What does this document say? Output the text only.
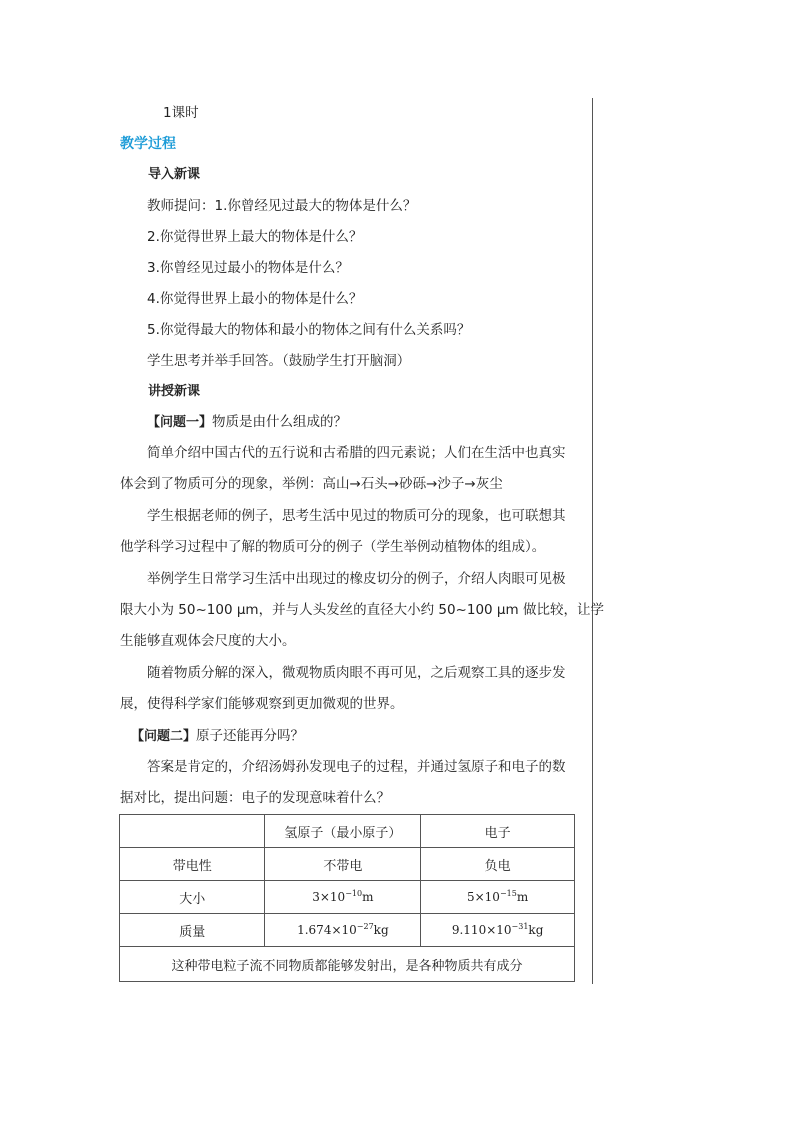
1课时
教学过程
导入新课
教师提问：1.你曾经见过最大的物体是什么？
2.你觉得世界上最大的物体是什么？
3.你曾经见过最小的物体是什么？
4.你觉得世界上最小的物体是什么？
5.你觉得最大的物体和最小的物体之间有什么关系吗？
学生思考并举手回答。（鼓励学生打开脑洞）
讲授新课
【问题一】物质是由什么组成的？
简单介绍中国古代的五行说和古希腊的四元素说；人们在生活中也真实
体会到了物质可分的现象，举例：高山→石头→砂砾→沙子→灰尘
学生根据老师的例子，思考生活中见过的物质可分的现象，也可联想其
他学科学习过程中了解的物质可分的例子（学生举例动植物体的组成）。
举例学生日常学习生活中出现过的橡皮切分的例子，介绍人肉眼可见极
限大小为 50~100 μm，并与人头发丝的直径大小约 50~100 μm 做比较，让学
生能够直观体会尺度的大小。
随着物质分解的深入，微观物质肉眼不再可见，之后观察工具的逐步发
展，使得科学家们能够观察到更加微观的世界。
【问题二】原子还能再分吗？
答案是肯定的，介绍汤姆孙发现电子的过程，并通过氢原子和电子的数
据对比，提出问题：电子的发现意味着什么？
	氢原子（最小原子）	电子
带电性	不带电	负电
大小	$3\times 10^{-10}m$	$5\times 10^{-15}m$
质量	$1.674\times 10^{-27}kg$	$9.110\times 10^{-31}kg$
这种带电粒子流不同物质都能够发射出，是各种物质共有成分		
